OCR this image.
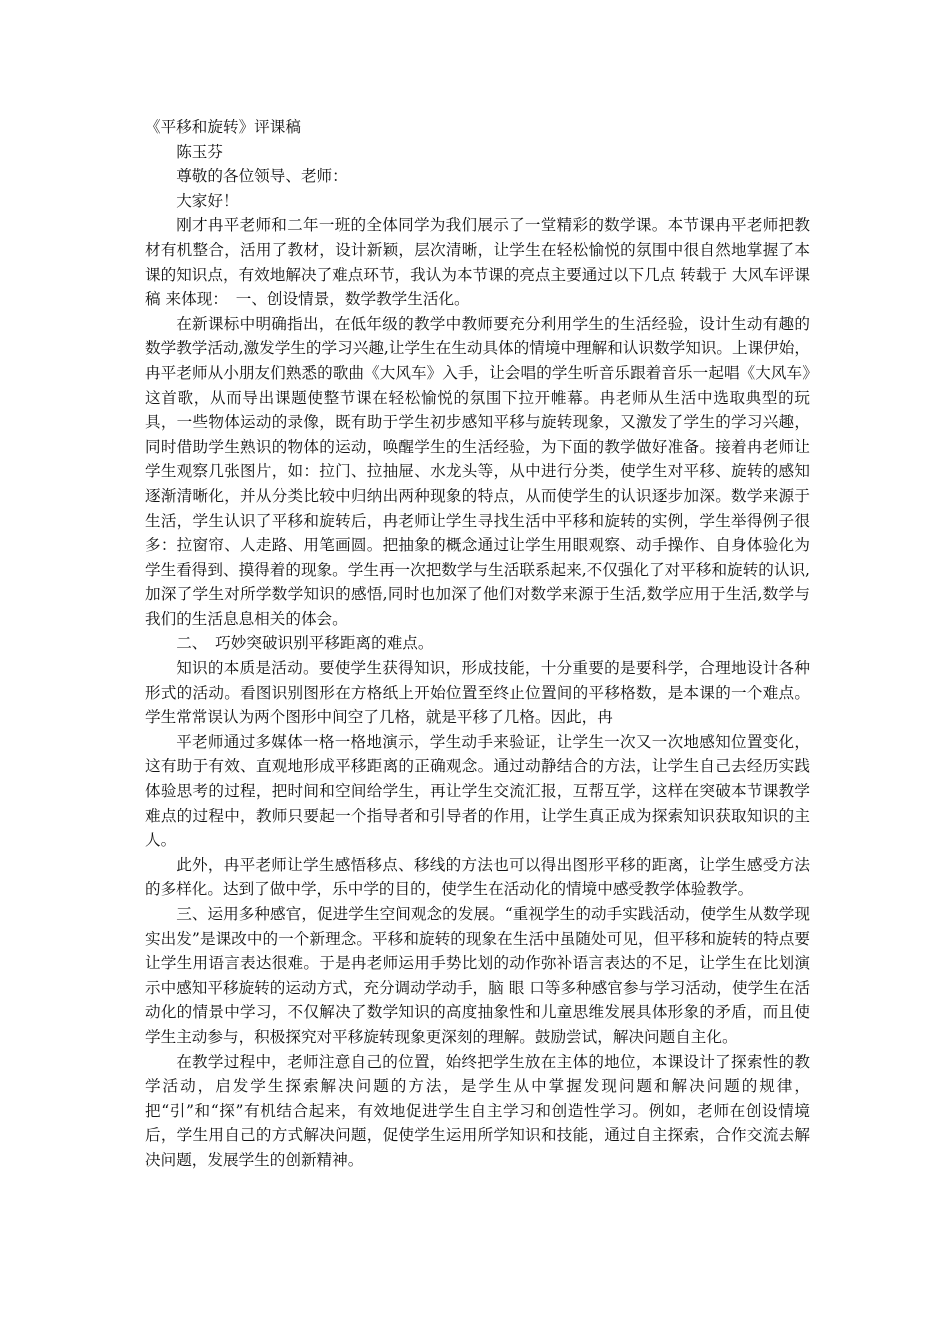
《平移和旋转》评课稿

陈玉芬

尊敬的各位领导、老师：

大家好！

刚才冉平老师和二年一班的全体同学为我们展示了一堂精彩的数学课。本节课冉平老师把教材有机整合，活用了教材，设计新颖，层次清晰，让学生在轻松愉悦的氛围中很自然地掌握了本课的知识点，有效地解决了难点环节，我认为本节课的亮点主要通过以下几点 转载于 大风车评课稿 来体现：　一、创设情景，数学教学生活化。

在新课标中明确指出，在低年级的教学中教师要充分利用学生的生活经验，设计生动有趣的数学教学活动,激发学生的学习兴趣,让学生在生动具体的情境中理解和认识数学知识。上课伊始，冉平老师从小朋友们熟悉的歌曲《大风车》入手，让会唱的学生听音乐跟着音乐一起唱《大风车》这首歌，从而导出课题使整节课在轻松愉悦的氛围下拉开帷幕。冉老师从生活中选取典型的玩具，一些物体运动的录像，既有助于学生初步感知平移与旋转现象，又激发了学生的学习兴趣，同时借助学生熟识的物体的运动，唤醒学生的生活经验，为下面的教学做好准备。接着冉老师让学生观察几张图片，如：拉门、拉抽屉、水龙头等，从中进行分类，使学生对平移、旋转的感知逐渐清晰化，并从分类比较中归纳出两种现象的特点，从而使学生的认识逐步加深。数学来源于生活，学生认识了平移和旋转后，冉老师让学生寻找生活中平移和旋转的实例，学生举得例子很多：拉窗帘、人走路、用笔画圆。把抽象的概念通过让学生用眼观察、动手操作、自身体验化为学生看得到、摸得着的现象。学生再一次把数学与生活联系起来,不仅强化了对平移和旋转的认识,加深了学生对所学数学知识的感悟,同时也加深了他们对数学来源于生活,数学应用于生活,数学与我们的生活息息相关的体会。

二、　巧妙突破识别平移距离的难点。

知识的本质是活动。要使学生获得知识，形成技能，十分重要的是要科学，合理地设计各种形式的活动。看图识别图形在方格纸上开始位置至终止位置间的平移格数，是本课的一个难点。学生常常误认为两个图形中间空了几格，就是平移了几格。因此，冉

平老师通过多媒体一格一格地演示，学生动手来验证，让学生一次又一次地感知位置变化，这有助于有效、直观地形成平移距离的正确观念。通过动静结合的方法，让学生自己去经历实践体验思考的过程，把时间和空间给学生，再让学生交流汇报，互帮互学，这样在突破本节课教学难点的过程中，教师只要起一个指导者和引导者的作用，让学生真正成为探索知识获取知识的主人。

此外，冉平老师让学生感悟移点、移线的方法也可以得出图形平移的距离，让学生感受方法的多样化。达到了做中学，乐中学的目的，使学生在活动化的情境中感受教学体验教学。

三、运用多种感官，促进学生空间观念的发展。“重视学生的动手实践活动，使学生从数学现实出发”是课改中的一个新理念。平移和旋转的现象在生活中虽随处可见，但平移和旋转的特点要让学生用语言表达很难。于是冉老师运用手势比划的动作弥补语言表达的不足，让学生在比划演示中感知平移旋转的运动方式，充分调动学动手，脑 眼 口等多种感官参与学习活动，使学生在活动化的情景中学习，不仅解决了数学知识的高度抽象性和儿童思维发展具体形象的矛盾，而且使学生主动参与，积极探究对平移旋转现象更深刻的理解。鼓励尝试，解决问题自主化。

在教学过程中，老师注意自己的位置，始终把学生放在主体的地位，本课设计了探索性的教学活动，启发学生探索解决问题的方法，是学生从中掌握发现问题和解决问题的规律，把“引”和“探”有机结合起来，有效地促进学生自主学习和创造性学习。例如，老师在创设情境后，学生用自己的方式解决问题，促使学生运用所学知识和技能，通过自主探索，合作交流去解决问题，发展学生的创新精神。
